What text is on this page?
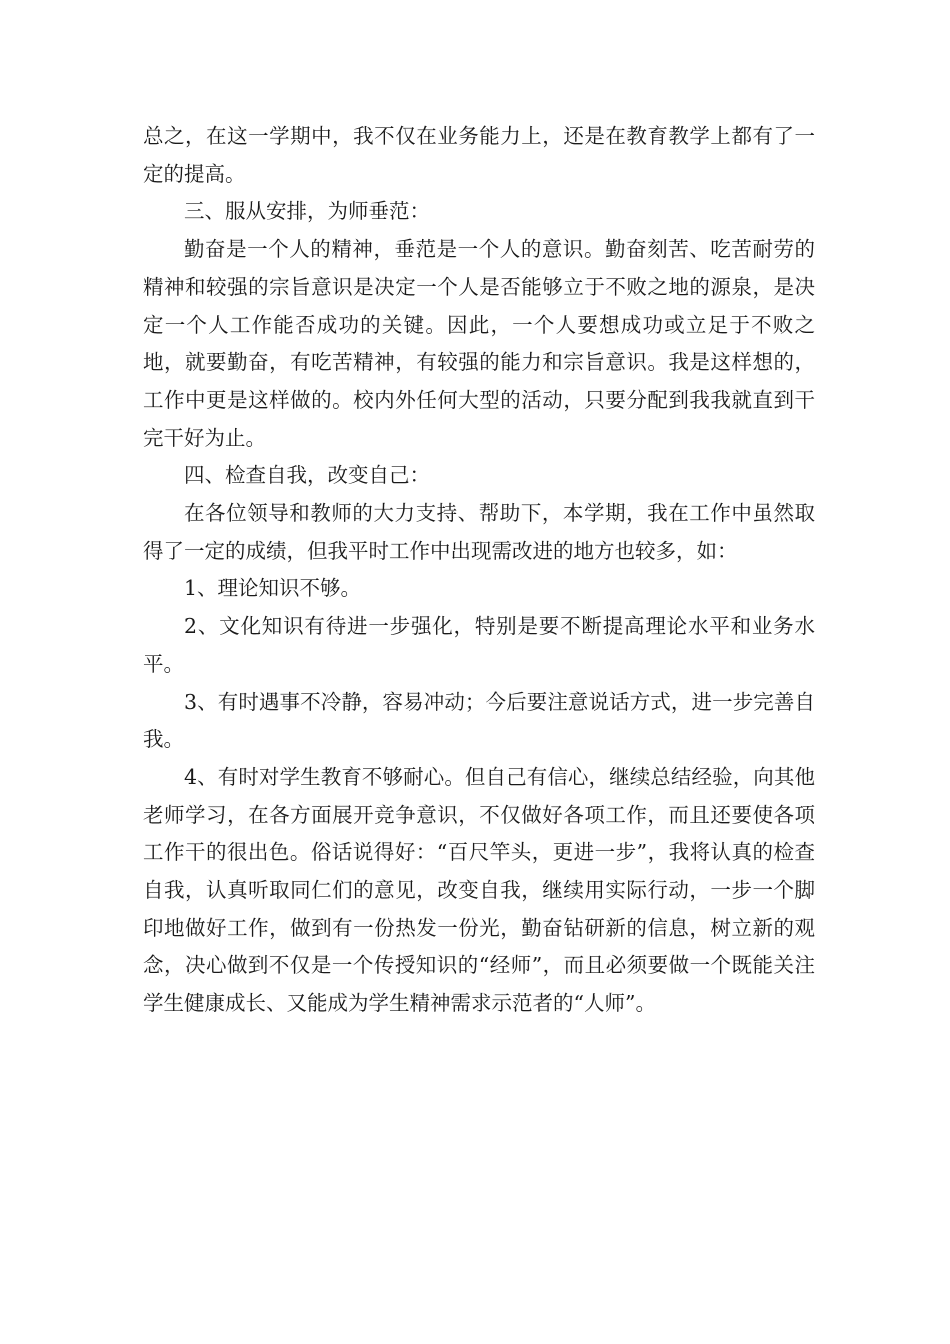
总之，在这一学期中，我不仅在业务能力上，还是在教育教学上都有了一定的提高。

三、服从安排，为师垂范：

勤奋是一个人的精神，垂范是一个人的意识。勤奋刻苦、吃苦耐劳的精神和较强的宗旨意识是决定一个人是否能够立于不败之地的源泉，是决定一个人工作能否成功的关键。因此，一个人要想成功或立足于不败之地，就要勤奋，有吃苦精神，有较强的能力和宗旨意识。我是这样想的，工作中更是这样做的。校内外任何大型的活动，只要分配到我我就直到干完干好为止。

四、检查自我，改变自己：

在各位领导和教师的大力支持、帮助下，本学期，我在工作中虽然取得了一定的成绩，但我平时工作中出现需改进的地方也较多，如：

1、理论知识不够。

2、文化知识有待进一步强化，特别是要不断提高理论水平和业务水平。

3、有时遇事不冷静，容易冲动；今后要注意说话方式，进一步完善自我。

4、有时对学生教育不够耐心。但自己有信心，继续总结经验，向其他老师学习，在各方面展开竞争意识，不仅做好各项工作，而且还要使各项工作干的很出色。俗话说得好：“百尺竿头，更进一步”，我将认真的检查自我，认真听取同仁们的意见，改变自我，继续用实际行动，一步一个脚印地做好工作，做到有一份热发一份光，勤奋钻研新的信息，树立新的观念，决心做到不仅是一个传授知识的“经师”，而且必须要做一个既能关注学生健康成长、又能成为学生精神需求示范者的“人师”。
